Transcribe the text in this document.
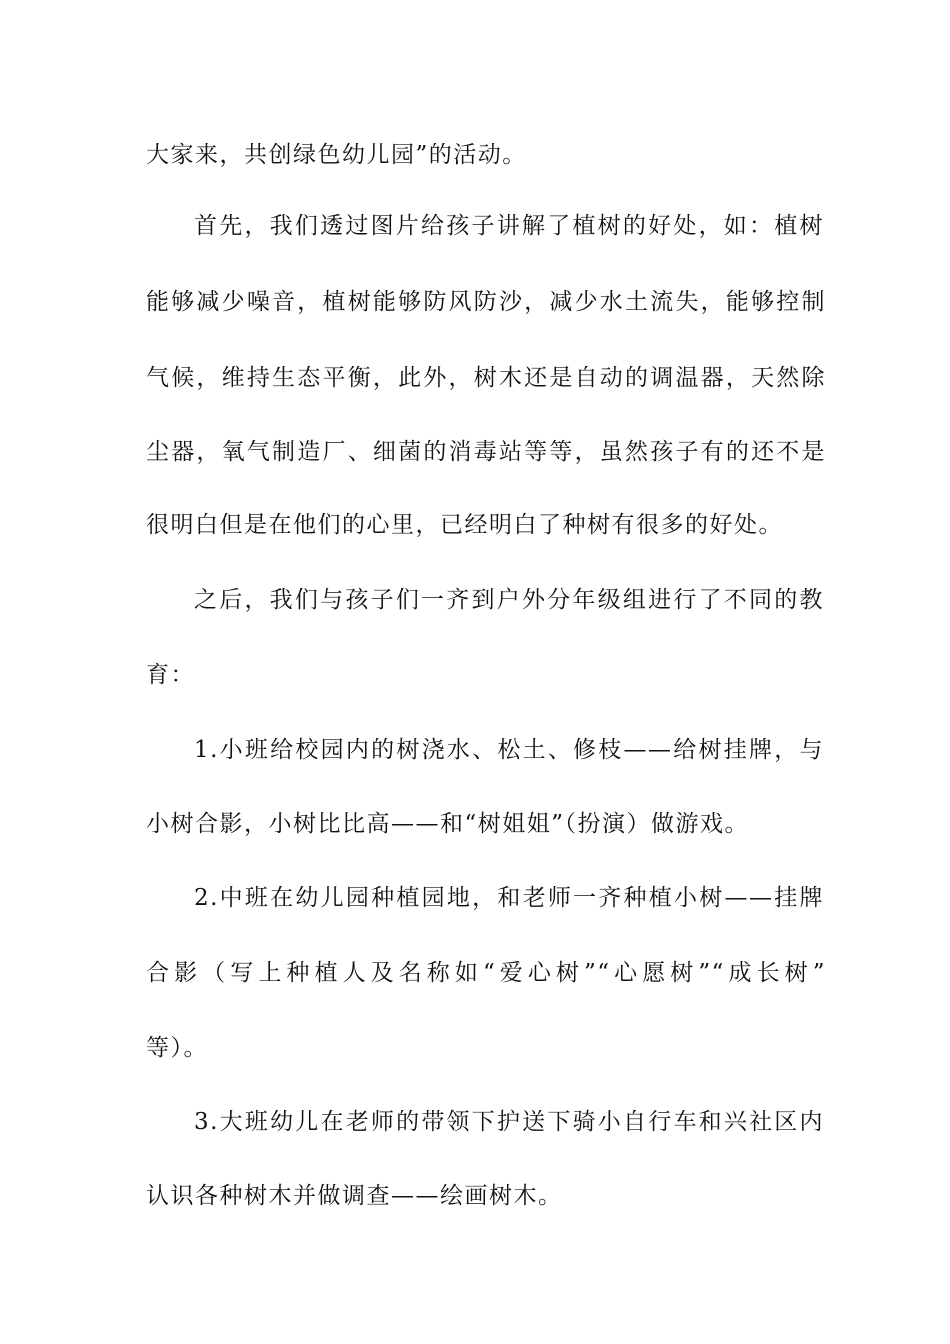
大家来，共创绿色幼儿园”的活动。
首先，我们透过图片给孩子讲解了植树的好处，如：植树
能够减少噪音，植树能够防风防沙，减少水土流失，能够控制
气候，维持生态平衡，此外，树木还是自动的调温器，天然除
尘器，氧气制造厂、细菌的消毒站等等，虽然孩子有的还不是
很明白但是在他们的心里，已经明白了种树有很多的好处。
之后，我们与孩子们一齐到户外分年级组进行了不同的教
育：
1.小班给校园内的树浇水、松土、修枝——给树挂牌，与
小树合影，小树比比高——和“树姐姐”（扮演）做游戏。
2.中班在幼儿园种植园地，和老师一齐种植小树——挂牌
合影（写上种植人及名称如“爱心树”“心愿树”“成长树”
等）。
3.大班幼儿在老师的带领下护送下骑小自行车和兴社区内
认识各种树木并做调查——绘画树木。
